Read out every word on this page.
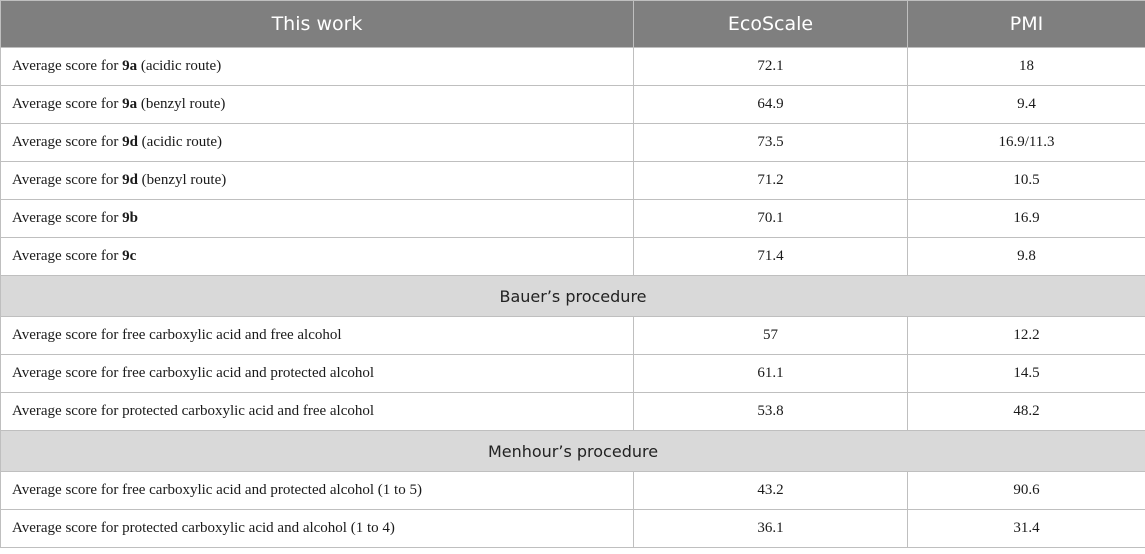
This work	EcoScale	PMI
Average score for 9a (acidic route)	72.1	18
Average score for 9a (benzyl route)	64.9	9.4
Average score for 9d (acidic route)	73.5	16.9/11.3
Average score for 9d (benzyl route)	71.2	10.5
Average score for 9b	70.1	16.9
Average score for 9c	71.4	9.8
Bauer’s procedure		
Average score for free carboxylic acid and free alcohol	57	12.2
Average score for free carboxylic acid and protected alcohol	61.1	14.5
Average score for protected carboxylic acid and free alcohol	53.8	48.2
Menhour’s procedure		
Average score for free carboxylic acid and protected alcohol (1 to 5)	43.2	90.6
Average score for protected carboxylic acid and alcohol (1 to 4)	36.1	31.4
